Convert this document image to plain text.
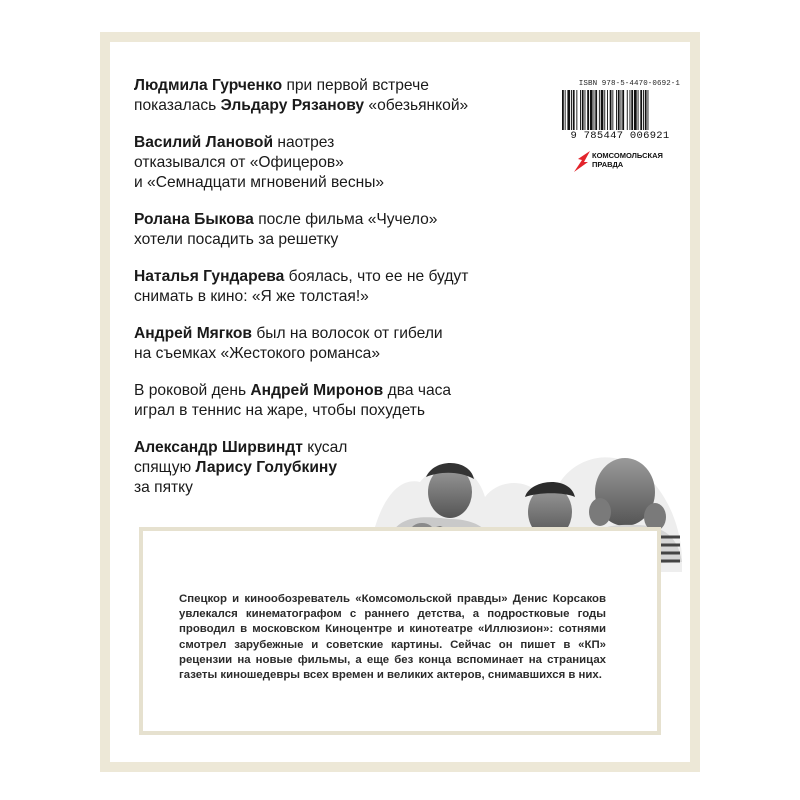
Людмила Гурченко при первой встрече
показалась Эльдару Рязанову «обезьянкой»

Василий Лановой наотрез
отказывался от «Офицеров»
и «Семнадцати мгновений весны»

Ролана Быкова после фильма «Чучело»
хотели посадить за решетку

Наталья Гундарева боялась, что ее не будут
снимать в кино: «Я же толстая!»

Андрей Мягков был на волосок от гибели
на съемках «Жестокого романса»

В роковой день Андрей Миронов два часа
играл в теннис на жаре, чтобы похудеть

Александр Ширвиндт кусал
спящую Ларису Голубкину
за пятку

ISBN 978-5-4470-0692-1
9 785447 006921
КОМСОМОЛЬСКАЯ
ПРАВДА
Спецкор и кинообозреватель «Комсомольской правды» Денис Корсаков увлекался кинематографом с раннего детства, а подростковые годы проводил в московском Киноцентре и кинотеатре «Иллюзион»: сотнями смотрел зарубежные и советские картины. Сейчас он пишет в «КП» рецензии на новые фильмы, а еще без конца вспоминает на страницах газеты киношедевры всех времен и великих актеров, снимавшихся в них.
